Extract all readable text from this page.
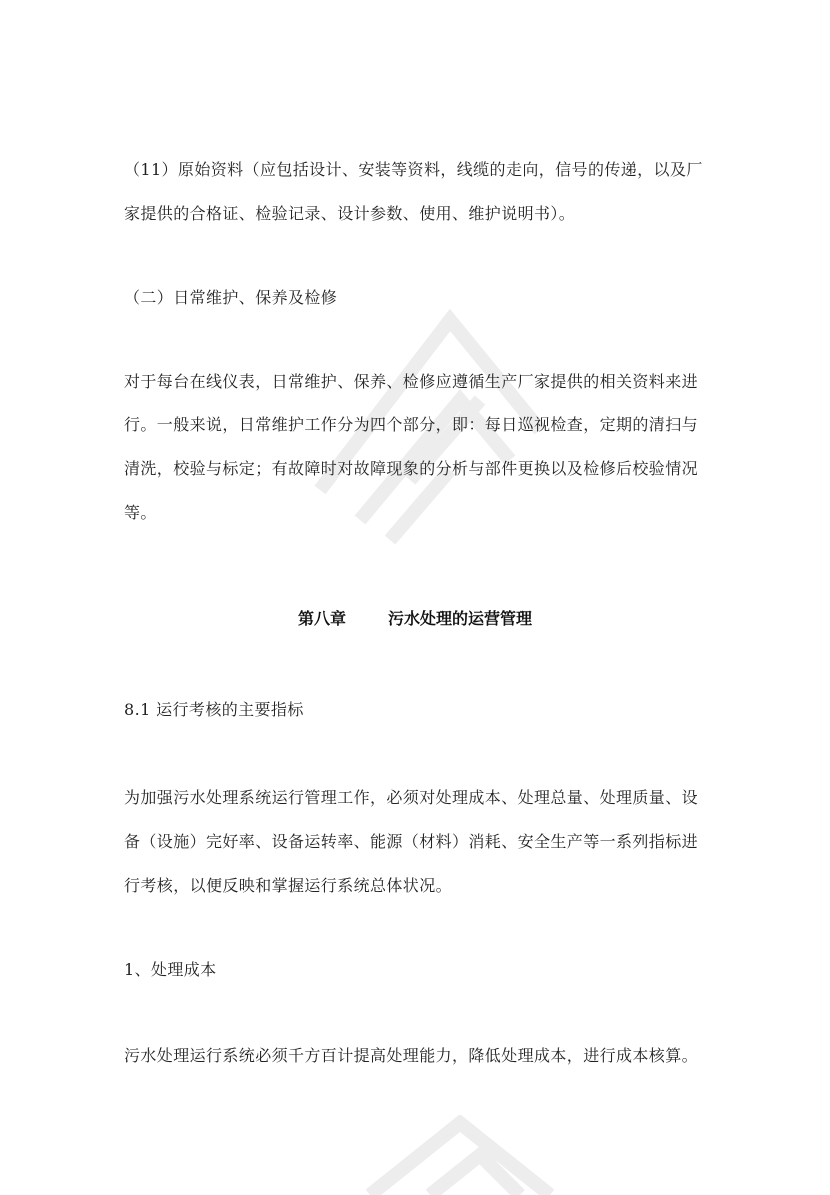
（11）原始资料（应包括设计、安装等资料，线缆的走向，信号的传递，以及厂
家提供的合格证、检验记录、设计参数、使用、维护说明书）。
（二）日常维护、保养及检修
对于每台在线仪表，日常维护、保养、检修应遵循生产厂家提供的相关资料来进
行。一般来说，日常维护工作分为四个部分，即：每日巡视检查，定期的清扫与
清洗，校验与标定；有故障时对故障现象的分析与部件更换以及检修后校验情况
等。
第八章	污水处理的运营管理
8.1 运行考核的主要指标
为加强污水处理系统运行管理工作，必须对处理成本、处理总量、处理质量、设
备（设施）完好率、设备运转率、能源（材料）消耗、安全生产等一系列指标进
行考核，以便反映和掌握运行系统总体状况。
1、处理成本
污水处理运行系统必须千方百计提高处理能力，降低处理成本，进行成本核算。
